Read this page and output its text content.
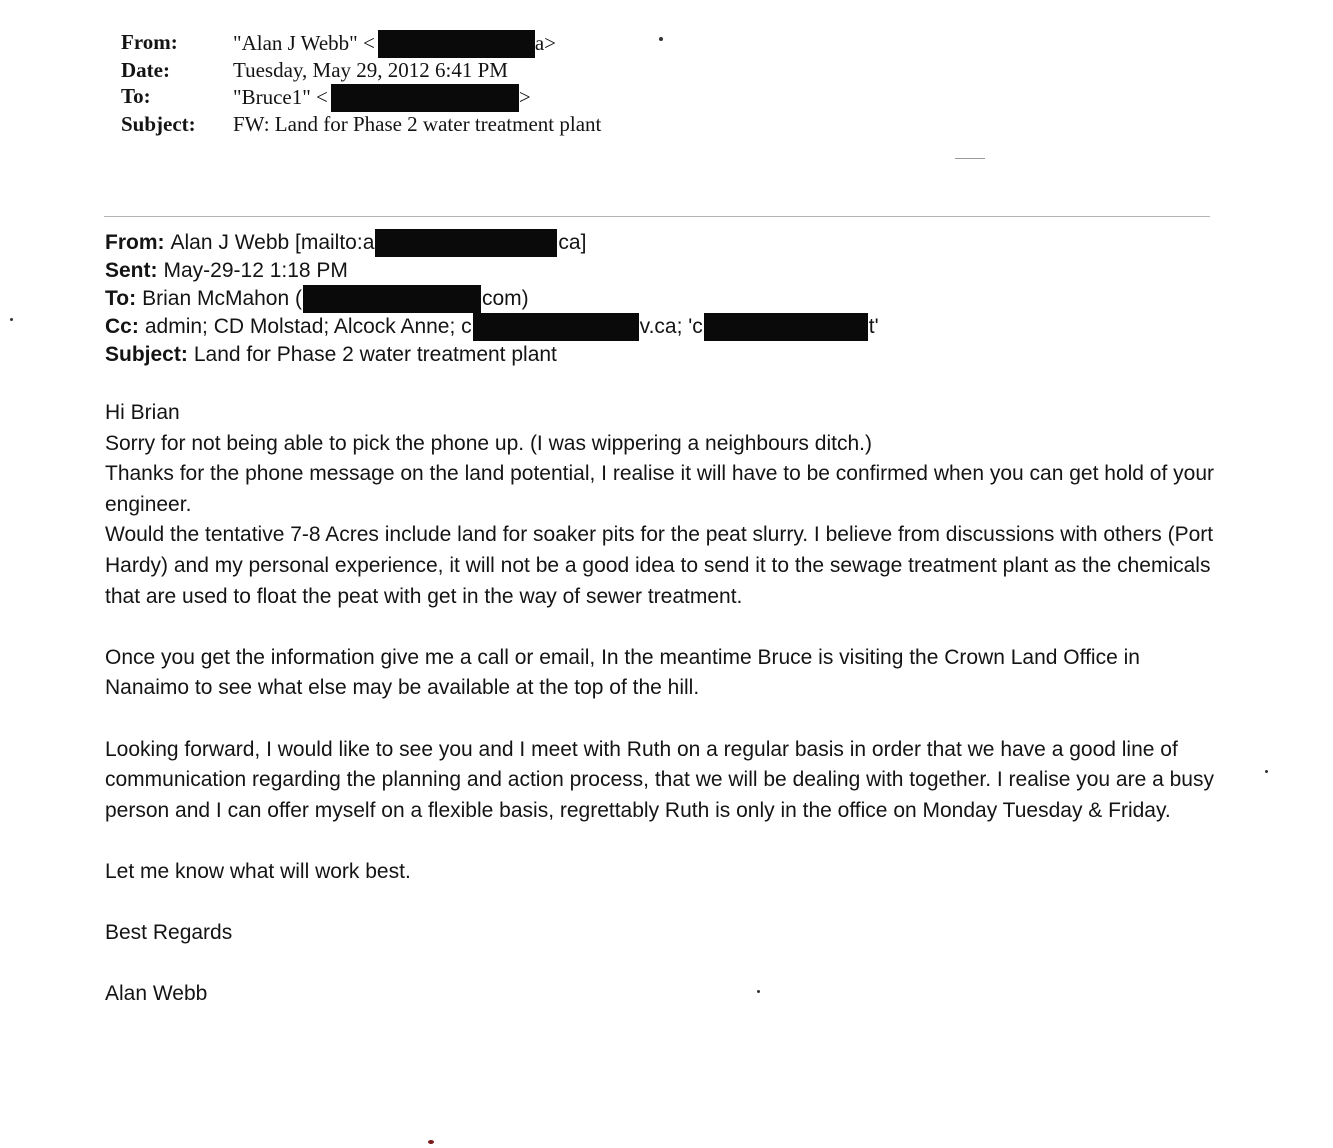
From:	"Alan J Webb" <	a>
Date:	Tuesday, May 29, 2012 6:41 PM
To:	"Bruce1" <	>
Subject:	FW: Land for Phase 2 water treatment plant
From: Alan J Webb [mailto:a	ca]
Sent: May-29-12 1:18 PM
To: Brian McMahon (	com)
Cc: admin; CD Molstad; Alcock Anne; c	v.ca; 'c	t'
Subject: Land for Phase 2 water treatment plant

Hi Brian

Sorry for not being able to pick the phone up. (I was wippering a neighbours ditch.)

Thanks for the phone message on the land potential, I realise it will have to be confirmed when you can get hold of your engineer.

Would the tentative 7-8 Acres include land for soaker pits for the peat slurry. I believe from discussions with others (Port Hardy) and my personal experience, it will not be a good idea to send it to the sewage treatment plant as the chemicals that are used to float the peat with get in the way of sewer treatment.

Once you get the information give me a call or email, In the meantime Bruce is visiting the Crown Land Office in Nanaimo to see what else may be available at the top of the hill.

Looking forward, I would like to see you and I meet with Ruth on a regular basis in order that we have a good line of communication regarding the planning and action process, that we will be dealing with together. I realise you are a busy person and I can offer myself on a flexible basis, regrettably Ruth is only in the office on Monday Tuesday & Friday.

Let me know what will work best.

Best Regards

Alan Webb
